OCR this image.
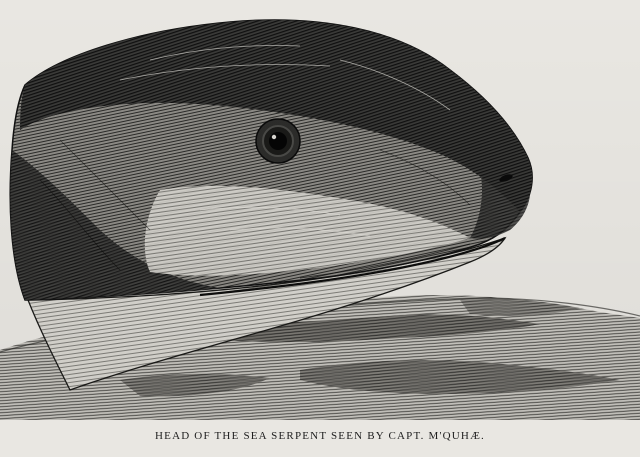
HEAD OF THE SEA SERPENT SEEN BY CAPT. M'QUHÆ.
